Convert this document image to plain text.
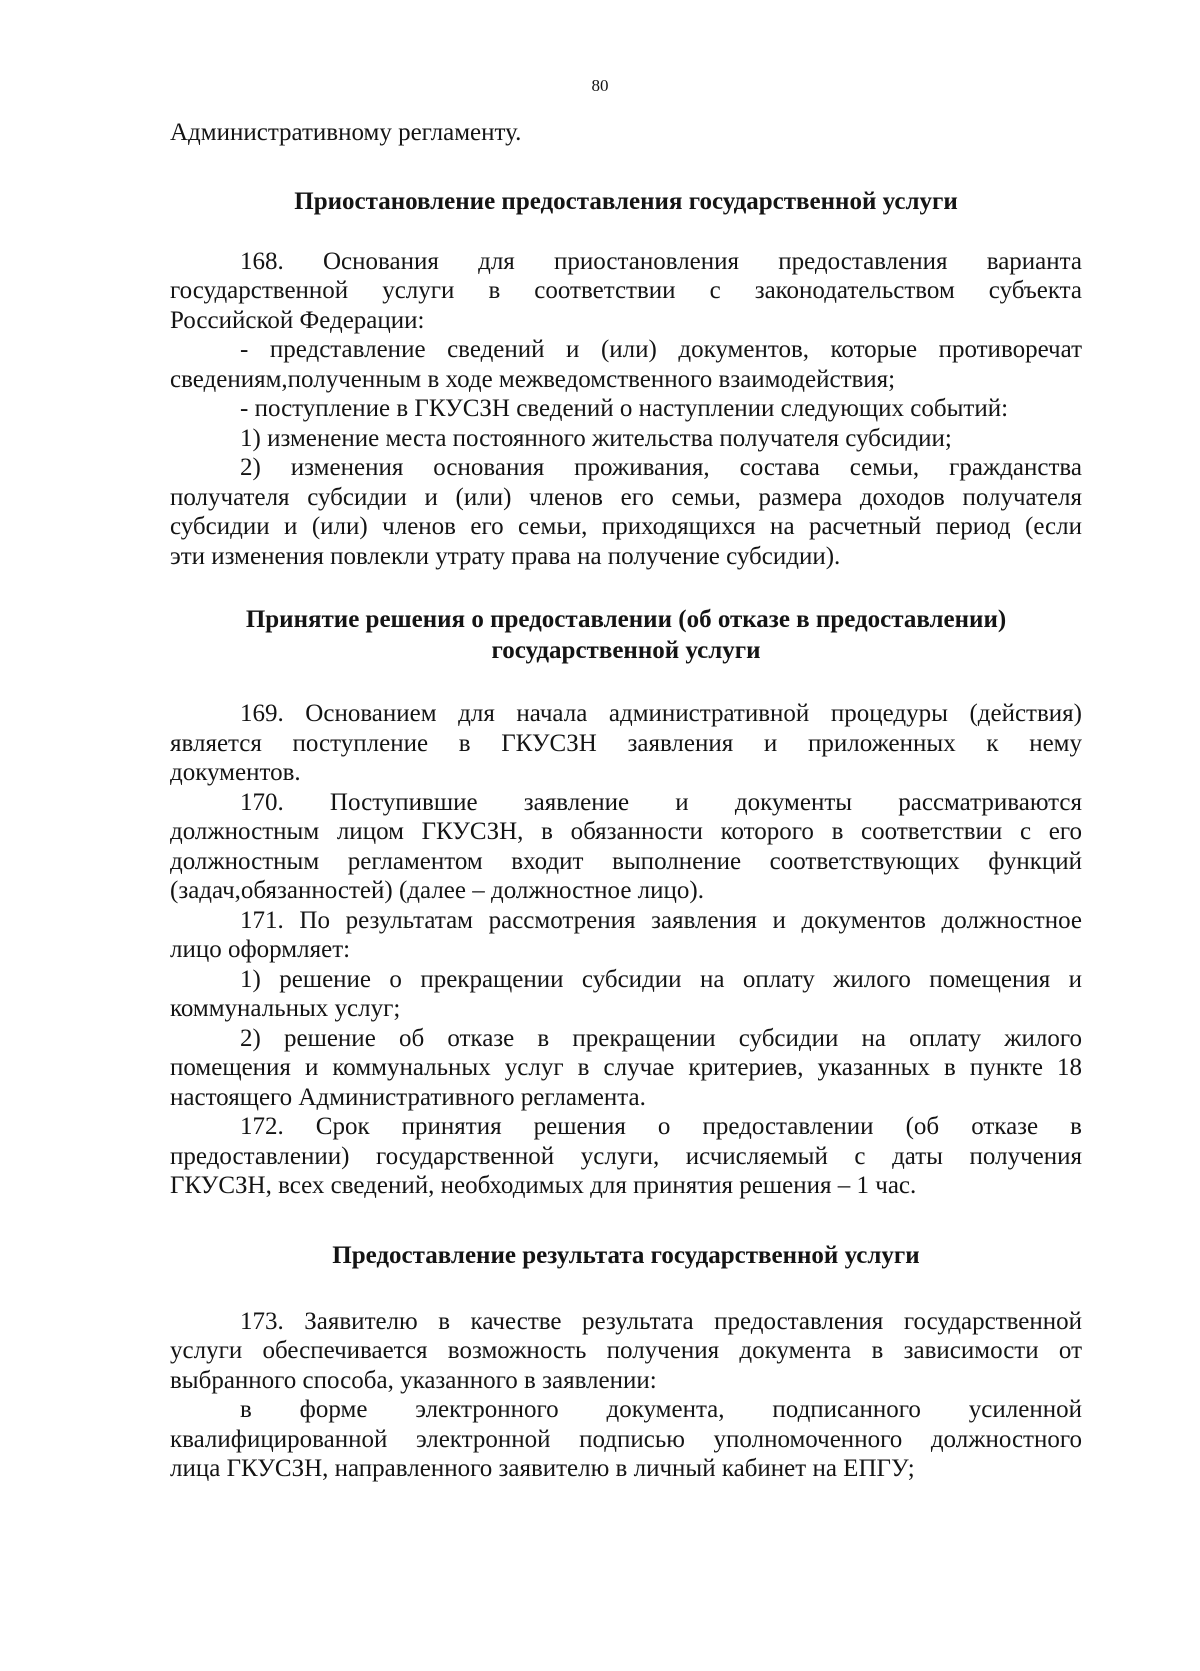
80

Административному регламенту.

Приостановление предоставления государственной услуги

168. Основания для приостановления предоставления варианта

государственной услуги в соответствии с законодательством субъекта

Российской Федерации:

- представление сведений и (или) документов, которые противоречат

сведениям,полученным в ходе межведомственного взаимодействия;

- поступление в ГКУСЗН сведений о наступлении следующих событий:

1) изменение места постоянного жительства получателя субсидии;

2) изменения основания проживания, состава семьи, гражданства

получателя субсидии и (или) членов его семьи, размера доходов получателя

субсидии и (или) членов его семьи, приходящихся на расчетный период (если

эти изменения повлекли утрату права на получение субсидии).

Принятие решения о предоставлении (об отказе в предоставлении)
государственной услуги

169. Основанием для начала административной процедуры (действия)

является поступление в ГКУСЗН заявления и приложенных к нему

документов.

170. Поступившие заявление и документы рассматриваются

должностным лицом ГКУСЗН, в обязанности которого в соответствии с его

должностным регламентом входит выполнение соответствующих функций

(задач,обязанностей) (далее – должностное лицо).

171. По результатам рассмотрения заявления и документов должностное

лицо оформляет:

1) решение о прекращении субсидии на оплату жилого помещения и

коммунальных услуг;

2) решение об отказе в прекращении субсидии на оплату жилого

помещения и коммунальных услуг в случае критериев, указанных в пункте 18

настоящего Административного регламента.

172. Срок принятия решения о предоставлении (об отказе в

предоставлении) государственной услуги, исчисляемый с даты получения

ГКУСЗН, всех сведений, необходимых для принятия решения – 1 час.

Предоставление результата государственной услуги

173. Заявителю в качестве результата предоставления государственной

услуги обеспечивается возможность получения документа в зависимости от

выбранного способа, указанного в заявлении:

в форме электронного документа, подписанного усиленной

квалифицированной электронной подписью уполномоченного должностного

лица ГКУСЗН, направленного заявителю в личный кабинет на ЕПГУ;
